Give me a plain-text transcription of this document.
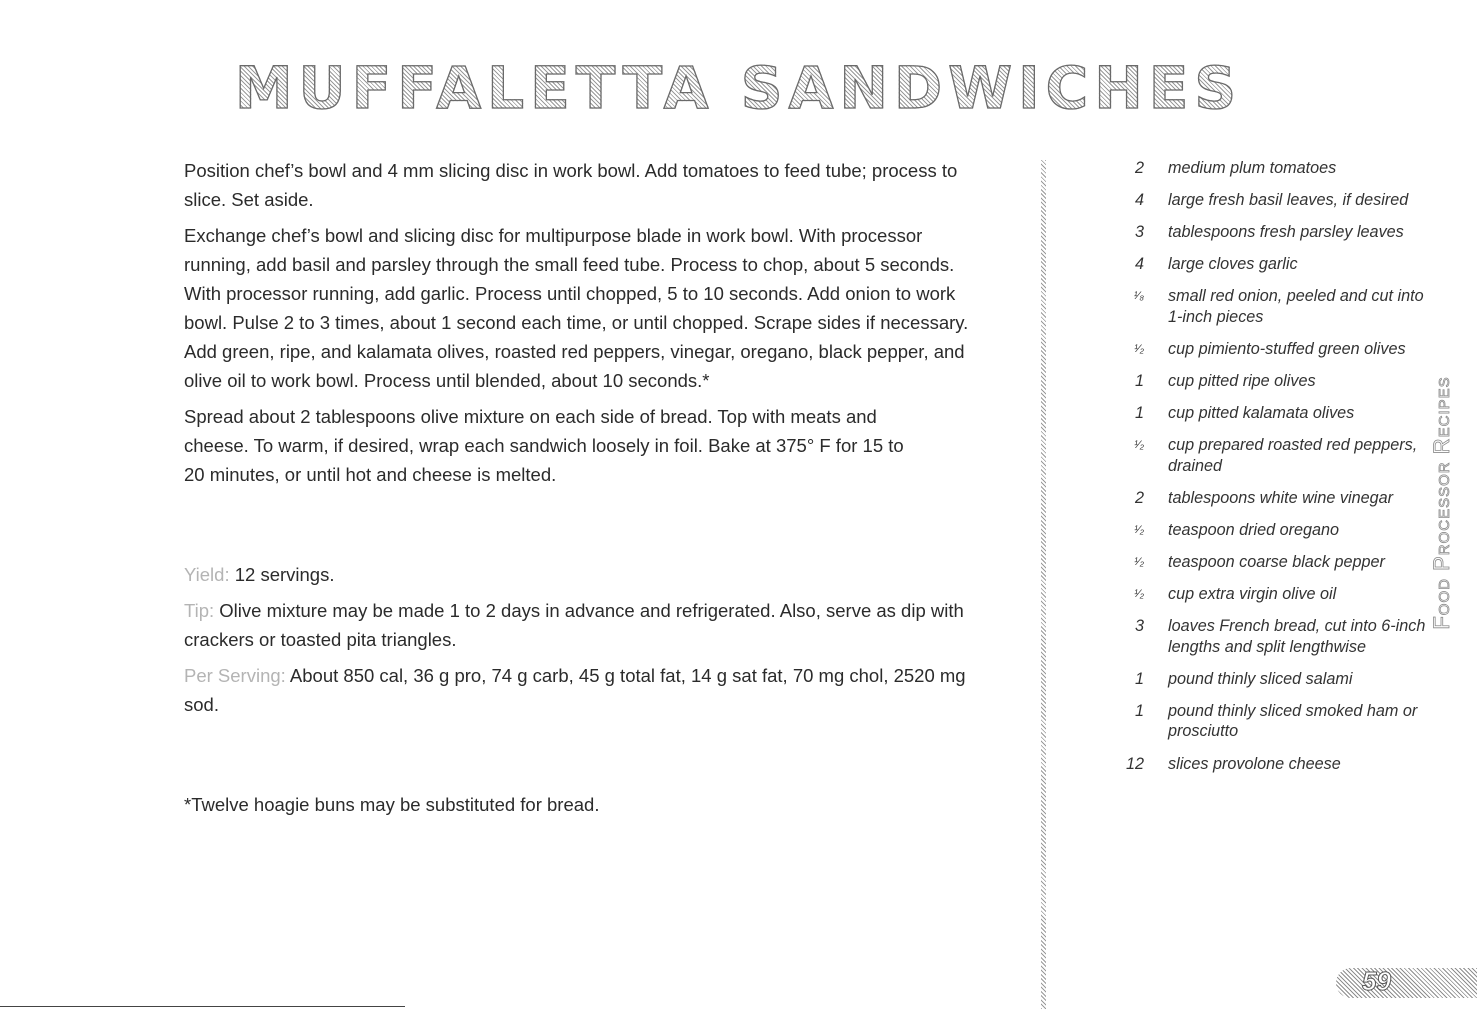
MUFFALETTA SANDWICHES

Position chef’s bowl and 4 mm slicing disc in work bowl. Add tomatoes to feed tube; process to slice. Set aside.

Exchange chef’s bowl and slicing disc for multipurpose blade in work bowl. With processor running, add basil and parsley through the small feed tube. Process to chop, about 5 seconds. With processor running, add garlic. Process until chopped, 5 to 10 seconds. Add onion to work bowl. Pulse 2 to 3 times, about 1 second each time, or until chopped. Scrape sides if necessary. Add green, ripe, and kalamata olives, roasted red peppers, vinegar, oregano, black pepper, and olive oil to work bowl. Process until blended, about 10 seconds.*

Spread about 2 tablespoons olive mixture on each side of bread. Top with meats and cheese. To warm, if desired, wrap each sandwich loosely in foil. Bake at 375° F for 15 to 20 minutes, or until hot and cheese is melted.

Yield: 12 servings.

Tip: Olive mixture may be made 1 to 2 days in advance and refrigerated. Also, serve as dip with crackers or toasted pita triangles.

Per Serving: About 850 cal, 36 g pro, 74 g carb, 45 g total fat, 14 g sat fat, 70 mg chol, 2520 mg sod.

*Twelve hoagie buns may be substituted for bread.

2 medium plum tomatoes
4 large fresh basil leaves, if desired
3 tablespoons fresh parsley leaves
4 large cloves garlic
¹⁄₈ small red onion, peeled and cut into 1-inch pieces
¹⁄₂ cup pimiento-stuffed green olives
1 cup pitted ripe olives
1 cup pitted kalamata olives
¹⁄₂ cup prepared roasted red peppers, drained
2 tablespoons white wine vinegar
¹⁄₂ teaspoon dried oregano
¹⁄₂ teaspoon coarse black pepper
¹⁄₂ cup extra virgin olive oil
3 loaves French bread, cut into 6-inch lengths and split lengthwise
1 pound thinly sliced salami
1 pound thinly sliced smoked ham or prosciutto
12 slices provolone cheese
Food Processor Recipes
59
